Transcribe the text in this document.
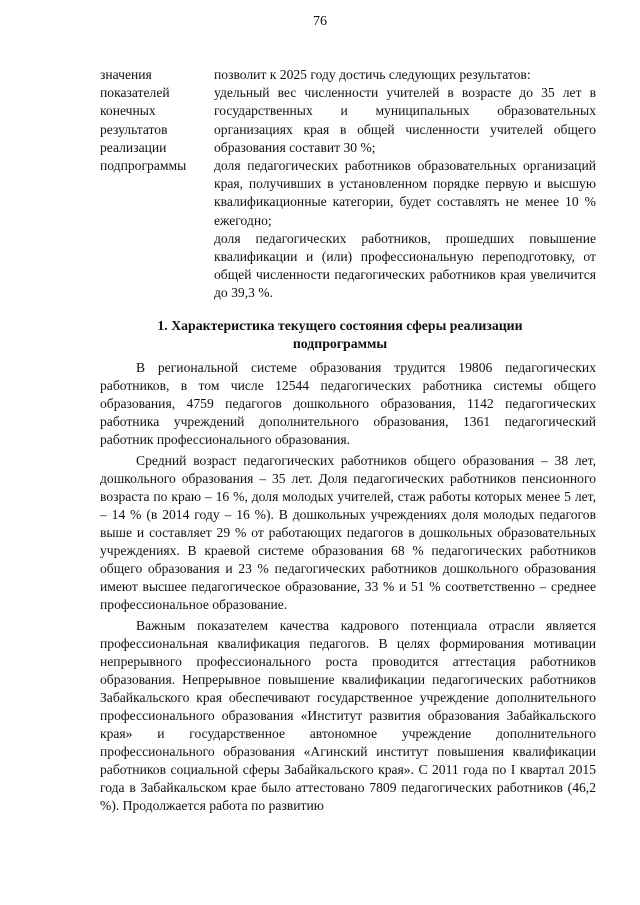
76
значения
показателей
конечных
результатов
реализации
подпрограммы

позволит к 2025 году достичь следующих результатов:

удельный вес численности учителей в возрасте до 35 лет в государственных и муниципальных образовательных организациях края в общей численности учителей общего образования составит 30 %;

доля педагогических работников образовательных организаций края, получивших в установленном порядке первую и высшую квалификационные категории, будет составлять не менее 10 % ежегодно;

доля педагогических работников, прошедших повышение квалификации и (или) профессиональную переподготовку, от общей численности педагогических работников края увеличится до 39,3 %.

1. Характеристика текущего состояния сферы реализации подпрограммы

В региональной системе образования трудится 19806 педагогических работников, в том числе 12544 педагогических работника системы общего образования, 4759 педагогов дошкольного образования, 1142 педагогических работника учреждений дополнительного образования, 1361 педагогический работник профессионального образования.

Средний возраст педагогических работников общего образования – 38 лет, дошкольного образования – 35 лет. Доля педагогических работников пенсионного возраста по краю – 16 %, доля молодых учителей, стаж работы которых менее 5 лет, – 14 % (в 2014 году – 16 %). В дошкольных учреждениях доля молодых педагогов выше и составляет 29 % от работающих педагогов в дошкольных образовательных учреждениях. В краевой системе образования 68 % педагогических работников общего образования и 23 % педагогических работников дошкольного образования имеют высшее педагогическое образование, 33 % и 51 % соответственно – среднее профессиональное образование.

Важным показателем качества кадрового потенциала отрасли является профессиональная квалификация педагогов. В целях формирования мотивации непрерывного профессионального роста проводится аттестация работников образования. Непрерывное повышение квалификации педагогических работников Забайкальского края обеспечивают государственное учреждение дополнительного профессионального образования «Институт развития образования Забайкальского края» и государственное автономное учреждение дополнительного профессионального образования «Агинский институт повышения квалификации работников социальной сферы Забайкальского края». С 2011 года по I квартал 2015 года в Забайкальском крае было аттестовано 7809 педагогических работников (46,2 %). Продолжается работа по развитию
